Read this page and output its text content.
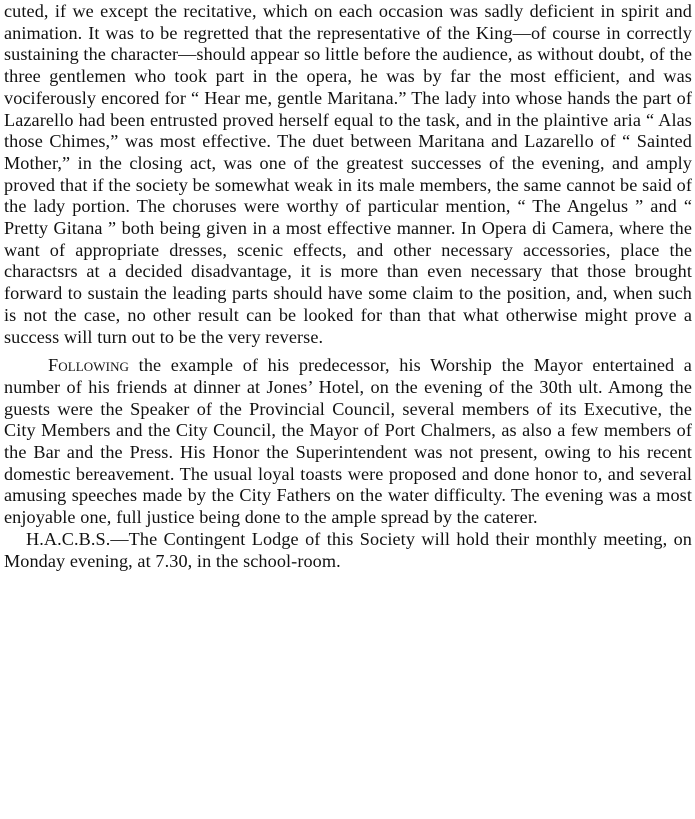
cuted, if we except the recitative, which on each occasion was sadly deficient in spirit and animation. It was to be regretted that the representative of the King—of course in correctly sustaining the character—should appear so little before the audience, as without doubt, of the three gentlemen who took part in the opera, he was by far the most efficient, and was vociferously encored for “ Hear me, gentle Maritana.” The lady into whose hands the part of Lazarello had been entrusted proved herself equal to the task, and in the plaintive aria “ Alas those Chimes,” was most effective. The duet between Maritana and Lazarello of “ Sainted Mother,” in the closing act, was one of the greatest successes of the evening, and amply proved that if the society be somewhat weak in its male members, the same cannot be said of the lady portion. The choruses were worthy of particular mention, “ The Angelus ” and “ Pretty Gitana ” both being given in a most effective manner. In Opera di Camera, where the want of appropriate dresses, scenic effects, and other necessary accessories, place the charactsrs at a decided disadvantage, it is more than even necessary that those brought forward to sustain the leading parts should have some claim to the position, and, when such is not the case, no other result can be looked for than that what otherwise might prove a success will turn out to be the very reverse.

Following the example of his predecessor, his Worship the Mayor entertained a number of his friends at dinner at Jones’ Hotel, on the evening of the 30th ult. Among the guests were the Speaker of the Provincial Council, several members of its Executive, the City Members and the City Council, the Mayor of Port Chalmers, as also a few members of the Bar and the Press. His Honor the Superintendent was not present, owing to his recent domestic bereavement. The usual loyal toasts were proposed and done honor to, and several amusing speeches made by the City Fathers on the water difficulty. The evening was a most enjoyable one, full justice being done to the ample spread by the caterer.

H.A.C.B.S.—The Contingent Lodge of this Society will hold their monthly meeting, on Monday evening, at 7.30, in the school-room.
